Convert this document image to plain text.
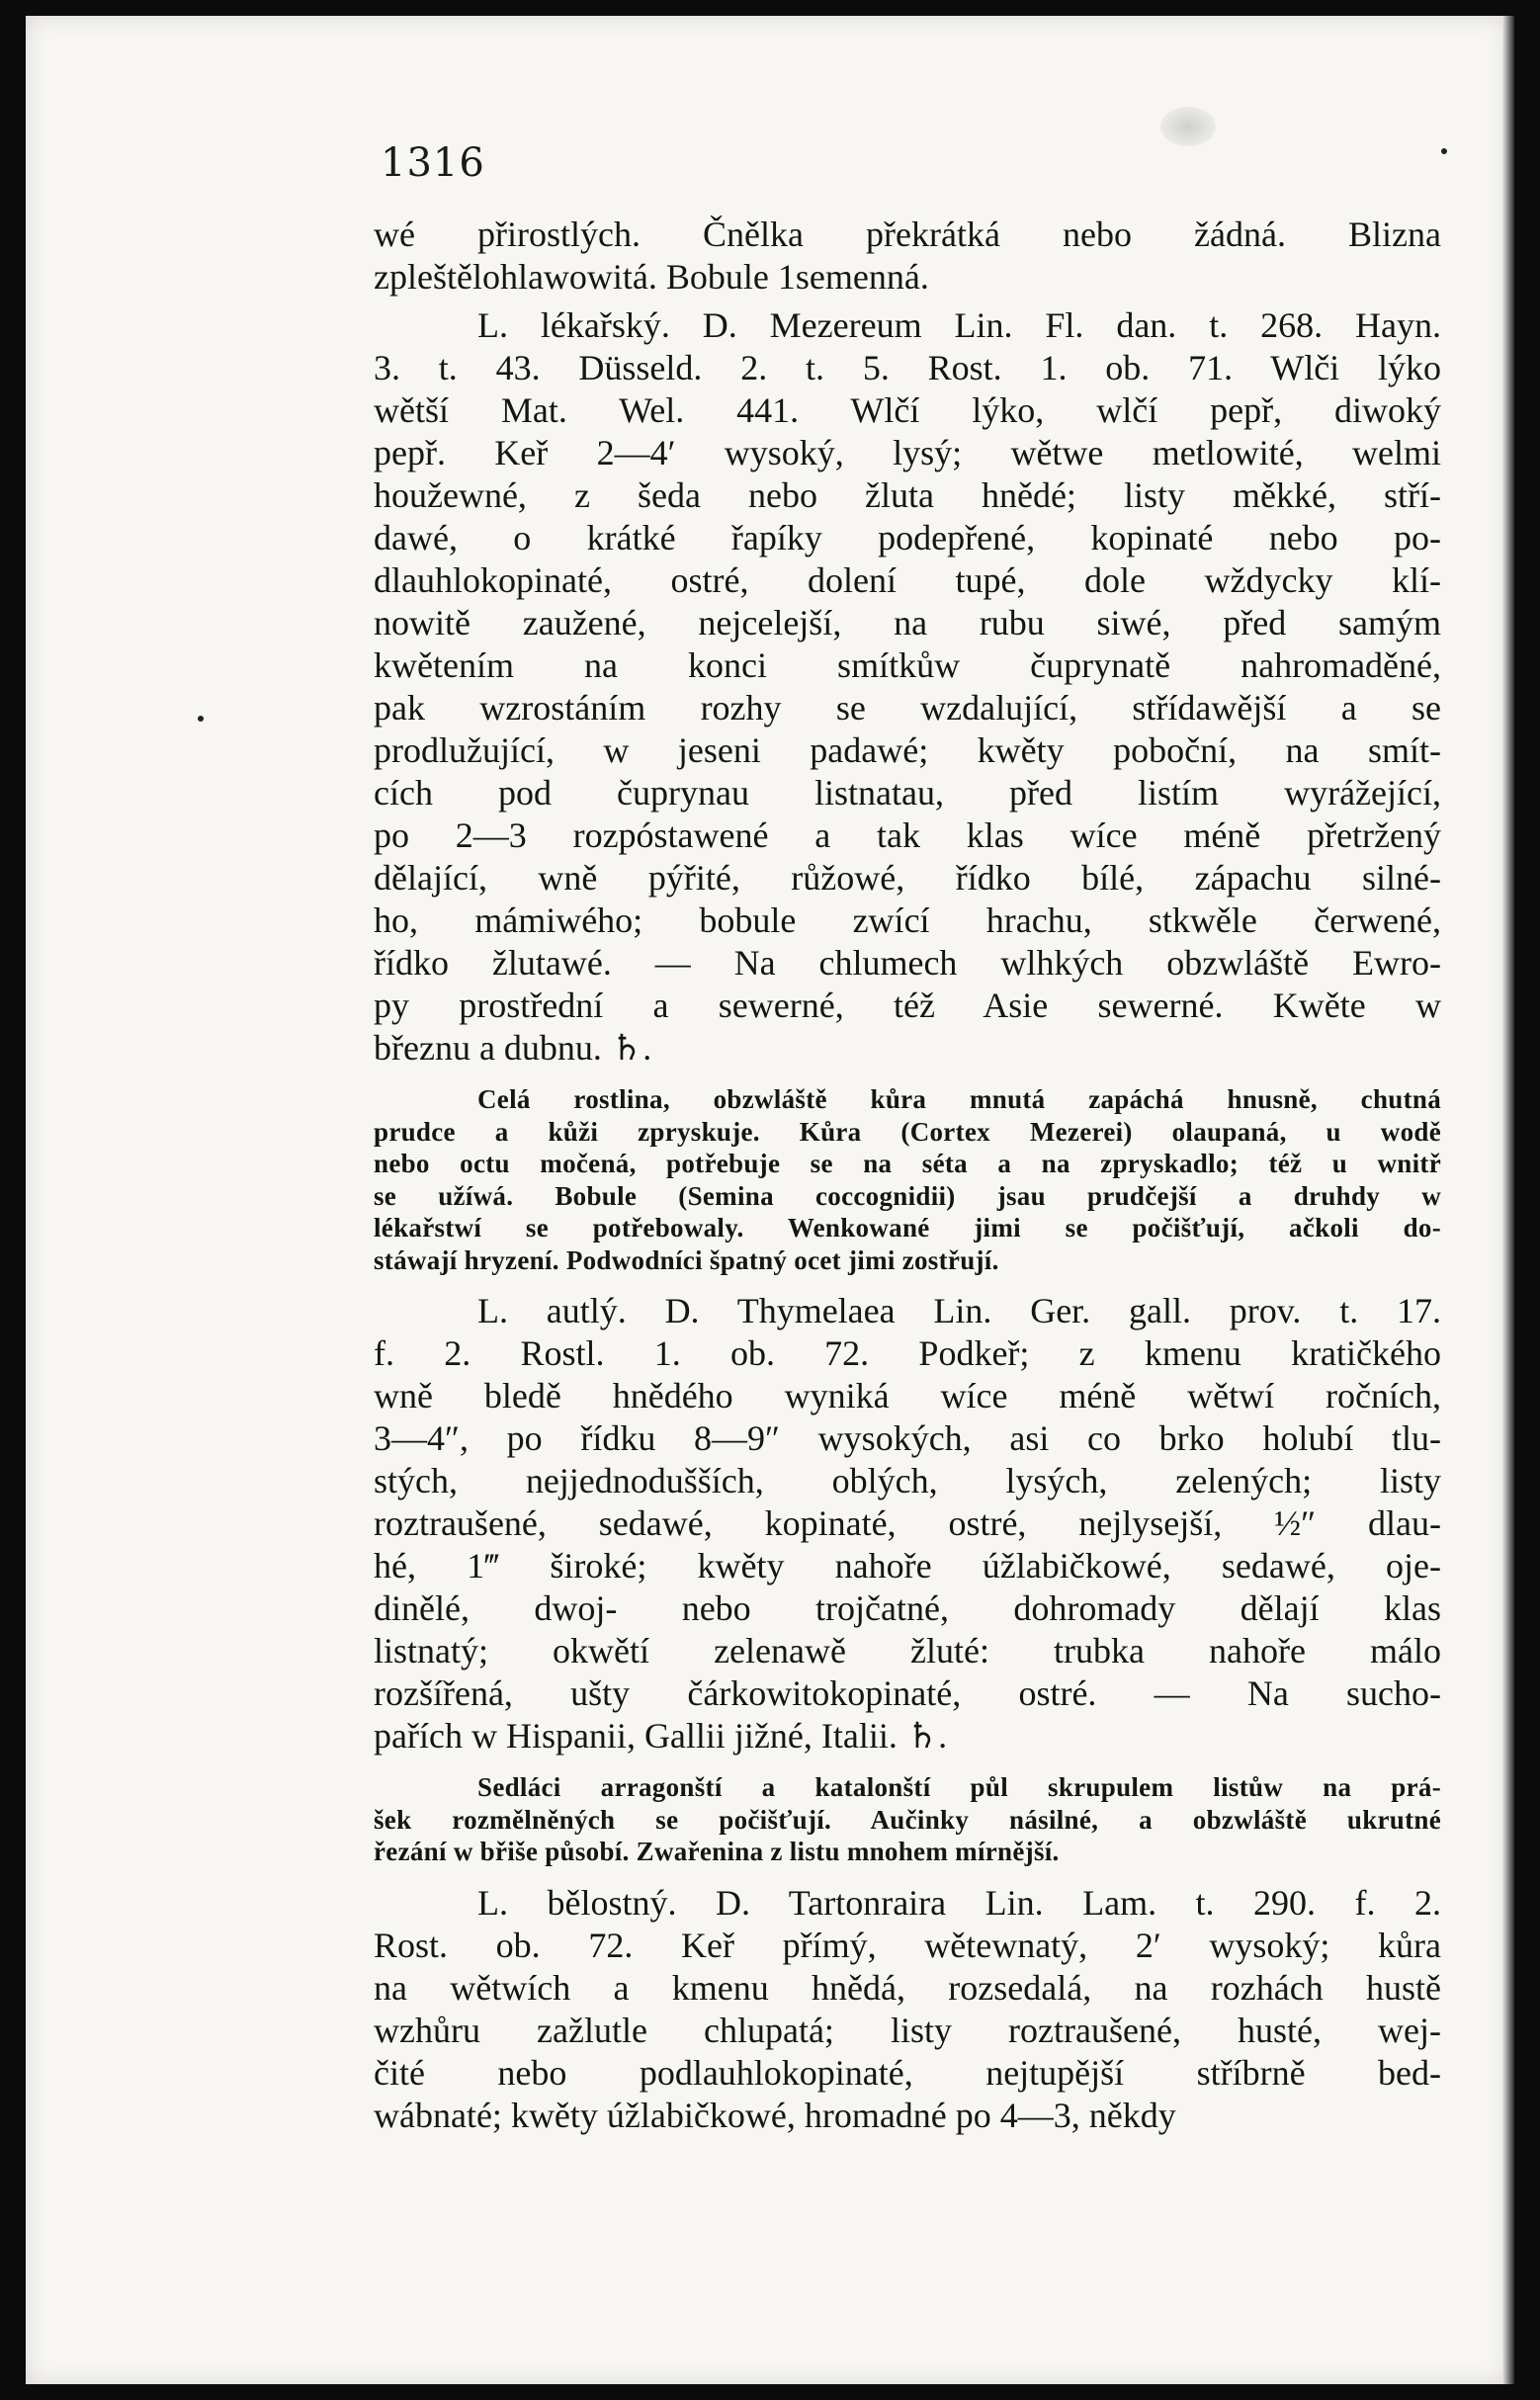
1316
wé přirostlých. Čnělka překrátká nebo žádná. Blizna
zpleštělohlawowitá. Bobule 1semenná.
L. lékařský. D. Mezereum Lin. Fl. dan. t. 268. Hayn.
3. t. 43. Düsseld. 2. t. 5. Rost. 1. ob. 71. Wlči lýko
wětší Mat. Wel. 441. Wlčí lýko, wlčí pepř, diwoký
pepř. Keř 2—4′ wysoký, lysý; wětwe metlowité, welmi
houžewné, z šeda nebo žluta hnědé; listy měkké, stří-
dawé, o krátké řapíky podepřené, kopinaté nebo po-
dlauhlokopinaté, ostré, dolení tupé, dole wždycky klí-
nowitě zaužené, nejcelejší, na rubu siwé, před samým
kwětením na konci smítkůw čuprynatě nahromaděné,
pak wzrostáním rozhy se wzdalující, střídawější a se
prodlužující, w jeseni padawé; kwěty poboční, na smít-
cích pod čuprynau listnatau, před listím wyrážející,
po 2—3 rozpóstawené a tak klas wíce méně přetržený
dělající, wně pýřité, růžowé, řídko bílé, zápachu silné-
ho, mámiwého; bobule zwící hrachu, stkwěle čerwené,
řídko žlutawé. — Na chlumech wlhkých obzwláště Ewro-
py prostřední a sewerné, též Asie sewerné. Kwěte w
březnu a dubnu. ♄.
Celá rostlina, obzwláště kůra mnutá zapáchá hnusně, chutná
prudce a kůži zpryskuje. Kůra (Cortex Mezerei) olaupaná, u wodě
nebo octu močená, potřebuje se na séta a na zpryskadlo; též u wnitř
se užíwá. Bobule (Semina coccognidii) jsau prudčejší a druhdy w
lékařstwí se potřebowaly. Wenkowané jimi se počišťují, ačkoli do-
stáwají hryzení. Podwodníci špatný ocet jimi zostřují.
L. autlý. D. Thymelaea Lin. Ger. gall. prov. t. 17.
f. 2. Rostl. 1. ob. 72. Podkeř; z kmenu kratičkého
wně bledě hnědého wyniká wíce méně wětwí ročních,
3—4″, po řídku 8—9″ wysokých, asi co brko holubí tlu-
stých, nejjednodušších, oblých, lysých, zelených; listy
roztraušené, sedawé, kopinaté, ostré, nejlysejší, ½″ dlau-
hé, 1‴ široké; kwěty nahoře úžlabičkowé, sedawé, oje-
dinělé, dwoj- nebo trojčatné, dohromady dělají klas
listnatý; okwětí zelenawě žluté: trubka nahoře málo
rozšířená, ušty čárkowitokopinaté, ostré. — Na sucho-
pařích w Hispanii, Gallii jižné, Italii. ♄.
Sedláci arragonští a katalonští půl skrupulem listůw na prá-
šek rozmělněných se počišťují. Aučinky násilné, a obzwláště ukrutné
řezání w břiše působí. Zwařenina z listu mnohem mírnější.
L. bělostný. D. Tartonraira Lin. Lam. t. 290. f. 2.
Rost. ob. 72. Keř přímý, wětewnatý, 2′ wysoký; kůra
na wětwích a kmenu hnědá, rozsedalá, na rozhách hustě
wzhůru zažlutle chlupatá; listy roztraušené, husté, wej-
čité nebo podlauhlokopinaté, nejtupější stříbrně bed-
wábnaté; kwěty úžlabičkowé, hromadné po 4—3, někdy
